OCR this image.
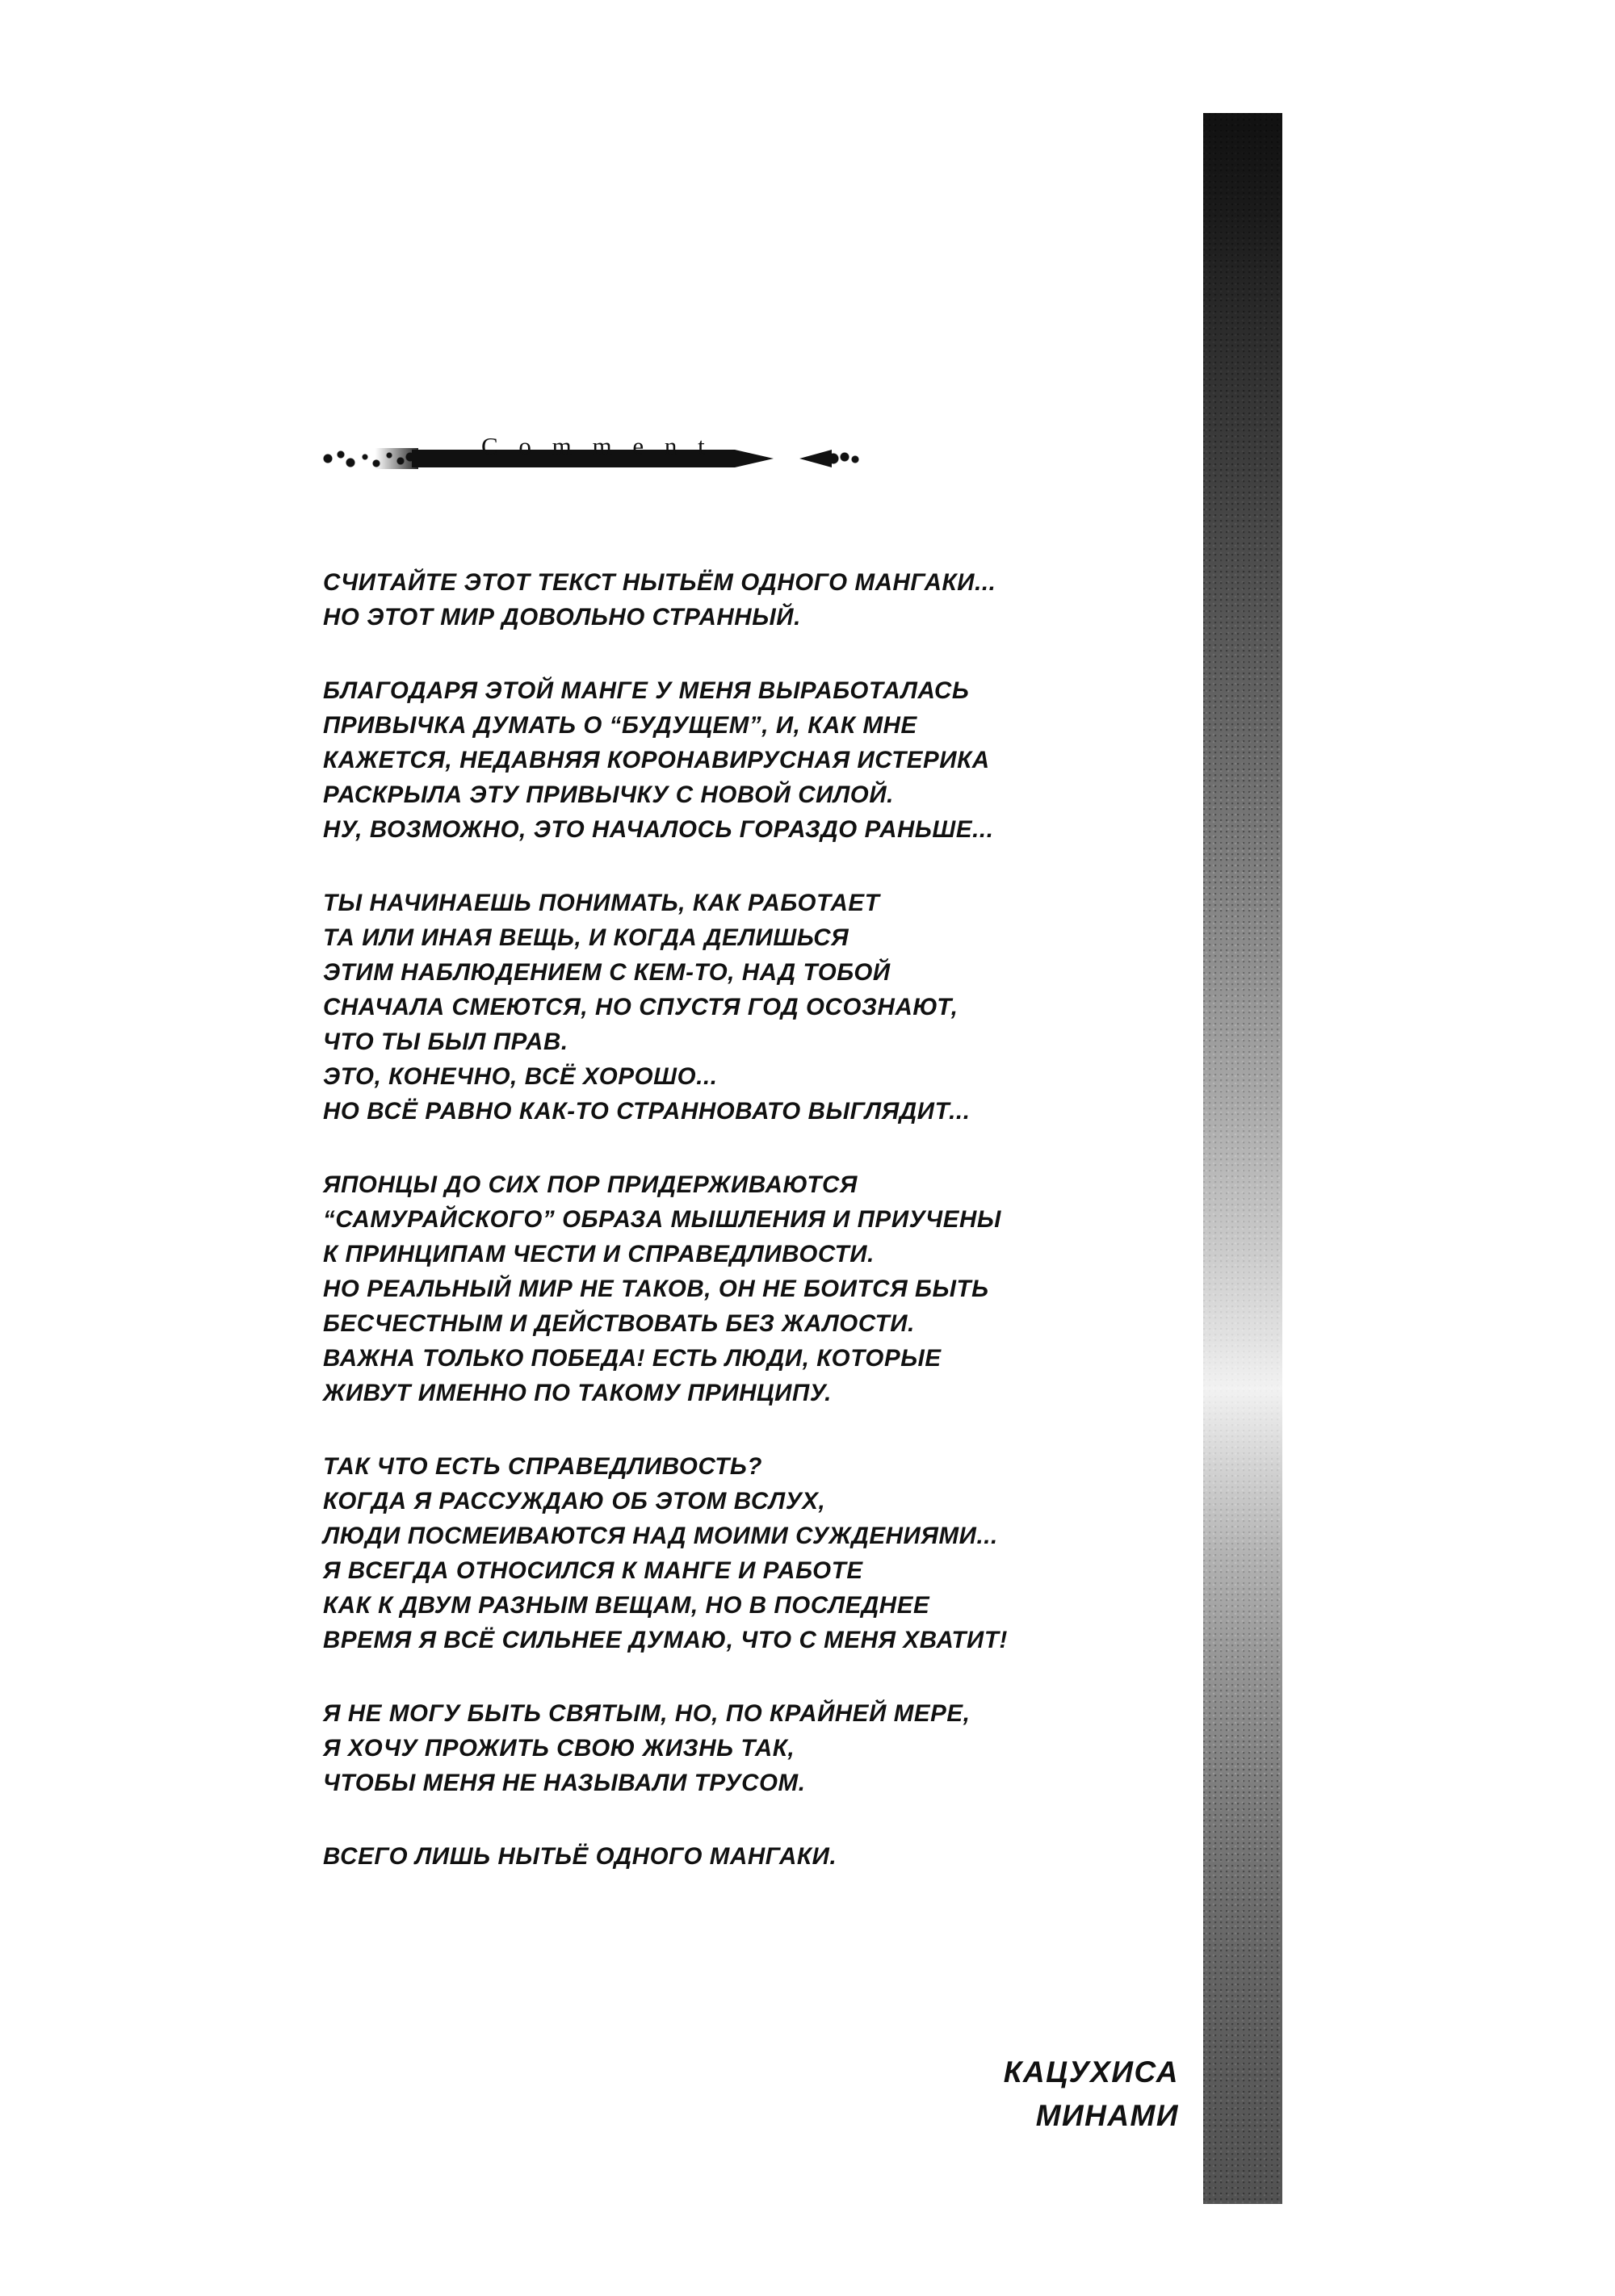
C o m m e n t
СЧИТАЙТЕ ЭТОТ ТЕКСТ НЫТЬЁМ ОДНОГО МАНГАКИ...
НО ЭТОТ МИР ДОВОЛЬНО СТРАННЫЙ.
БЛАГОДАРЯ ЭТОЙ МАНГЕ У МЕНЯ ВЫРАБОТАЛАСЬ
ПРИВЫЧКА ДУМАТЬ О “БУДУЩЕМ”, И, КАК МНЕ
КАЖЕТСЯ, НЕДАВНЯЯ КОРОНАВИРУСНАЯ ИСТЕРИКА
РАСКРЫЛА ЭТУ ПРИВЫЧКУ С НОВОЙ СИЛОЙ.
НУ, ВОЗМОЖНО, ЭТО НАЧАЛОСЬ ГОРАЗДО РАНЬШЕ...
ТЫ НАЧИНАЕШЬ ПОНИМАТЬ, КАК РАБОТАЕТ
ТА ИЛИ ИНАЯ ВЕЩЬ, И КОГДА ДЕЛИШЬСЯ
ЭТИМ НАБЛЮДЕНИЕМ С КЕМ-ТО, НАД ТОБОЙ
СНАЧАЛА СМЕЮТСЯ, НО СПУСТЯ ГОД ОСОЗНАЮТ,
ЧТО ТЫ БЫЛ ПРАВ.
ЭТО, КОНЕЧНО, ВСЁ ХОРОШО...
НО ВСЁ РАВНО КАК-ТО СТРАННОВАТО ВЫГЛЯДИТ...
ЯПОНЦЫ ДО СИХ ПОР ПРИДЕРЖИВАЮТСЯ
“САМУРАЙСКОГО” ОБРАЗА МЫШЛЕНИЯ И ПРИУЧЕНЫ
К ПРИНЦИПАМ ЧЕСТИ И СПРАВЕДЛИВОСТИ.
НО РЕАЛЬНЫЙ МИР НЕ ТАКОВ, ОН НЕ БОИТСЯ БЫТЬ
БЕСЧЕСТНЫМ И ДЕЙСТВОВАТЬ БЕЗ ЖАЛОСТИ.
ВАЖНА ТОЛЬКО ПОБЕДА! ЕСТЬ ЛЮДИ, КОТОРЫЕ
ЖИВУТ ИМЕННО ПО ТАКОМУ ПРИНЦИПУ.
ТАК ЧТО ЕСТЬ СПРАВЕДЛИВОСТЬ?
КОГДА Я РАССУЖДАЮ ОБ ЭТОМ ВСЛУХ,
ЛЮДИ ПОСМЕИВАЮТСЯ НАД МОИМИ СУЖДЕНИЯМИ...
Я ВСЕГДА ОТНОСИЛСЯ К МАНГЕ И РАБОТЕ
КАК К ДВУМ РАЗНЫМ ВЕЩАМ, НО В ПОСЛЕДНЕЕ
ВРЕМЯ Я ВСЁ СИЛЬНЕЕ ДУМАЮ, ЧТО С МЕНЯ ХВАТИТ!
Я НЕ МОГУ БЫТЬ СВЯТЫМ, НО, ПО КРАЙНЕЙ МЕРЕ,
Я ХОЧУ ПРОЖИТЬ СВОЮ ЖИЗНЬ ТАК,
ЧТОБЫ МЕНЯ НЕ НАЗЫВАЛИ ТРУСОМ.
ВСЕГО ЛИШЬ НЫТЬЁ ОДНОГО МАНГАКИ.
КАЦУХИСА
МИНАМИ
